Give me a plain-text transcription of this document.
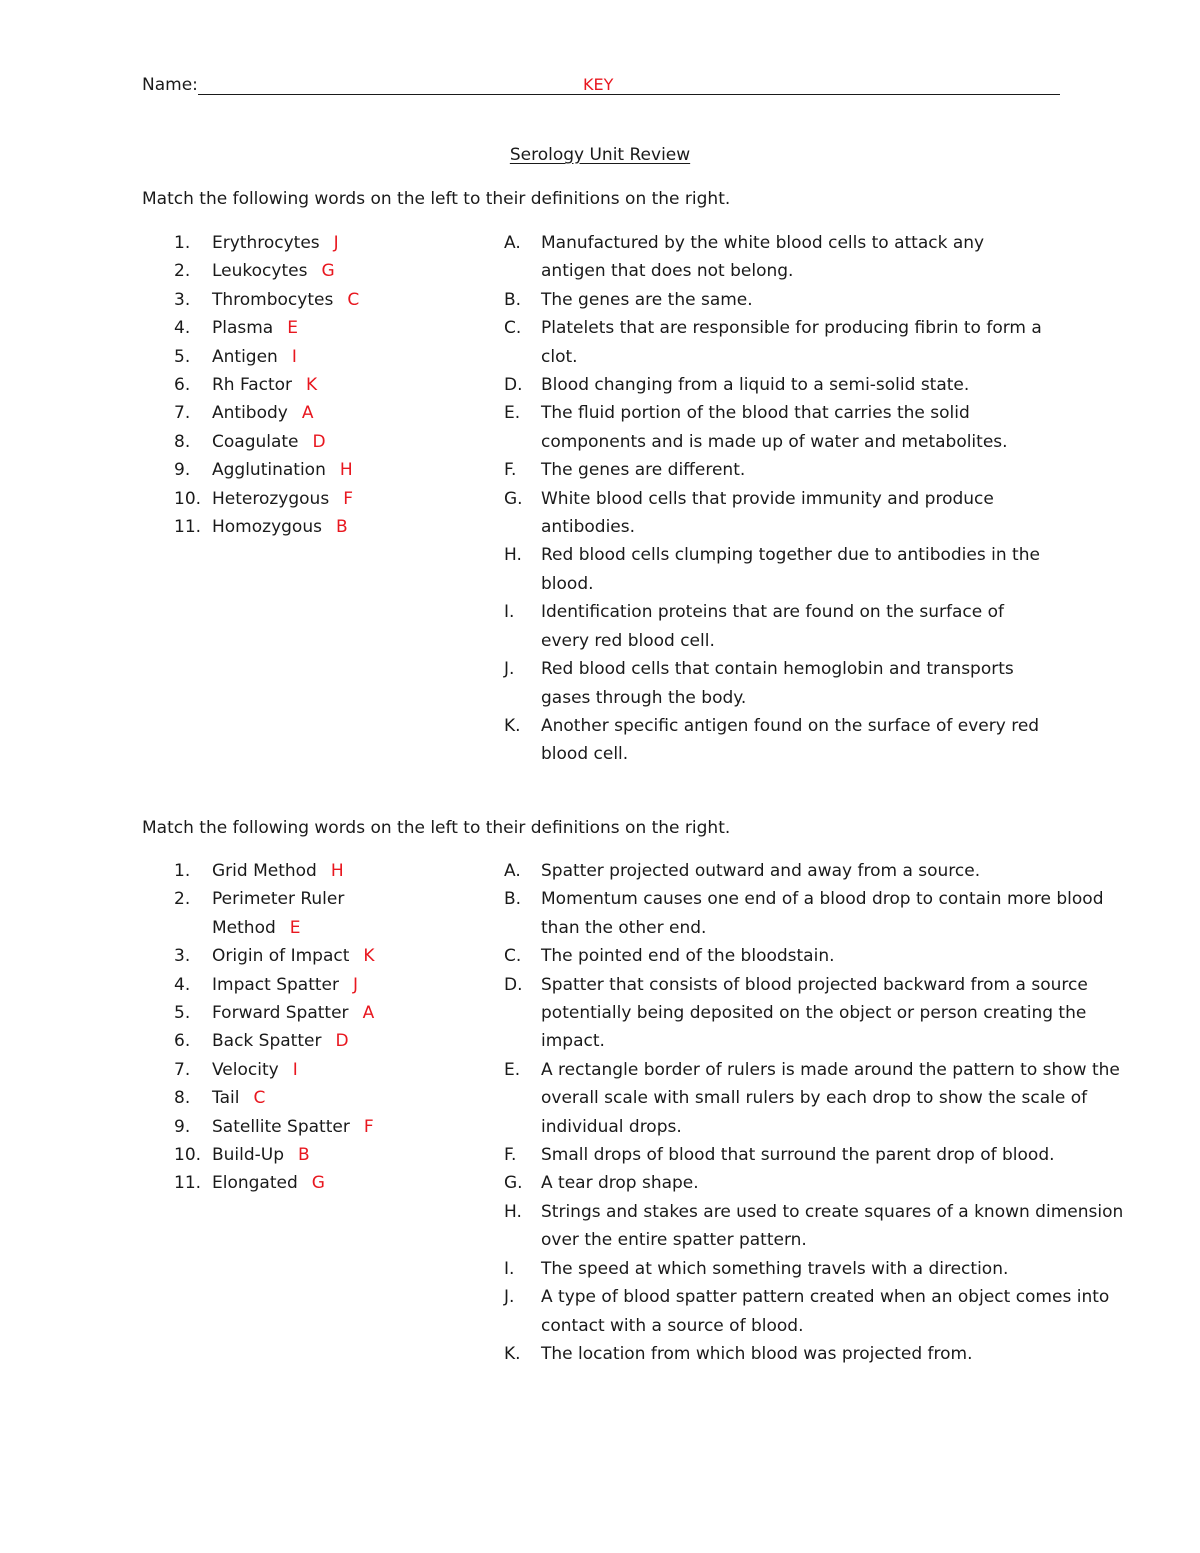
Name:	KEY
Serology Unit Review
Match the following words on the left to their definitions on the right.
1.	Erythrocytes J
2.	Leukocytes G
3.	Thrombocytes C
4.	Plasma E
5.	Antigen I
6.	Rh Factor K
7.	Antibody A
8.	Coagulate D
9.	Agglutination H
10. Heterozygous F
11. Homozygous B
A.	Manufactured by the white blood cells to attack any antigen that does not belong.
B.	The genes are the same.
C.	Platelets that are responsible for producing fibrin to form a clot.
D.	Blood changing from a liquid to a semi-solid state.
E.	The fluid portion of the blood that carries the solid components and is made up of water and metabolites.
F.	The genes are different.
G.	White blood cells that provide immunity and produce antibodies.
H.	Red blood cells clumping together due to antibodies in the blood.
I.	Identification proteins that are found on the surface of every red blood cell.
J.	Red blood cells that contain hemoglobin and transports gases through the body.
K.	Another specific antigen found on the surface of every red blood cell.
Match the following words on the left to their definitions on the right.
1.	Grid Method H
2.	Perimeter Ruler Method E
3.	Origin of Impact K
4.	Impact Spatter J
5.	Forward Spatter A
6.	Back Spatter D
7.	Velocity I
8.	Tail C
9.	Satellite Spatter F
10. Build-Up B
11. Elongated G
A.	Spatter projected outward and away from a source.
B.	Momentum causes one end of a blood drop to contain more blood than the other end.
C.	The pointed end of the bloodstain.
D.	Spatter that consists of blood projected backward from a source potentially being deposited on the object or person creating the impact.
E.	A rectangle border of rulers is made around the pattern to show the overall scale with small rulers by each drop to show the scale of individual drops.
F.	Small drops of blood that surround the parent drop of blood.
G.	A tear drop shape.
H.	Strings and stakes are used to create squares of a known dimension over the entire spatter pattern.
I.	The speed at which something travels with a direction.
J.	A type of blood spatter pattern created when an object comes into contact with a source of blood.
K.	The location from which blood was projected from.
